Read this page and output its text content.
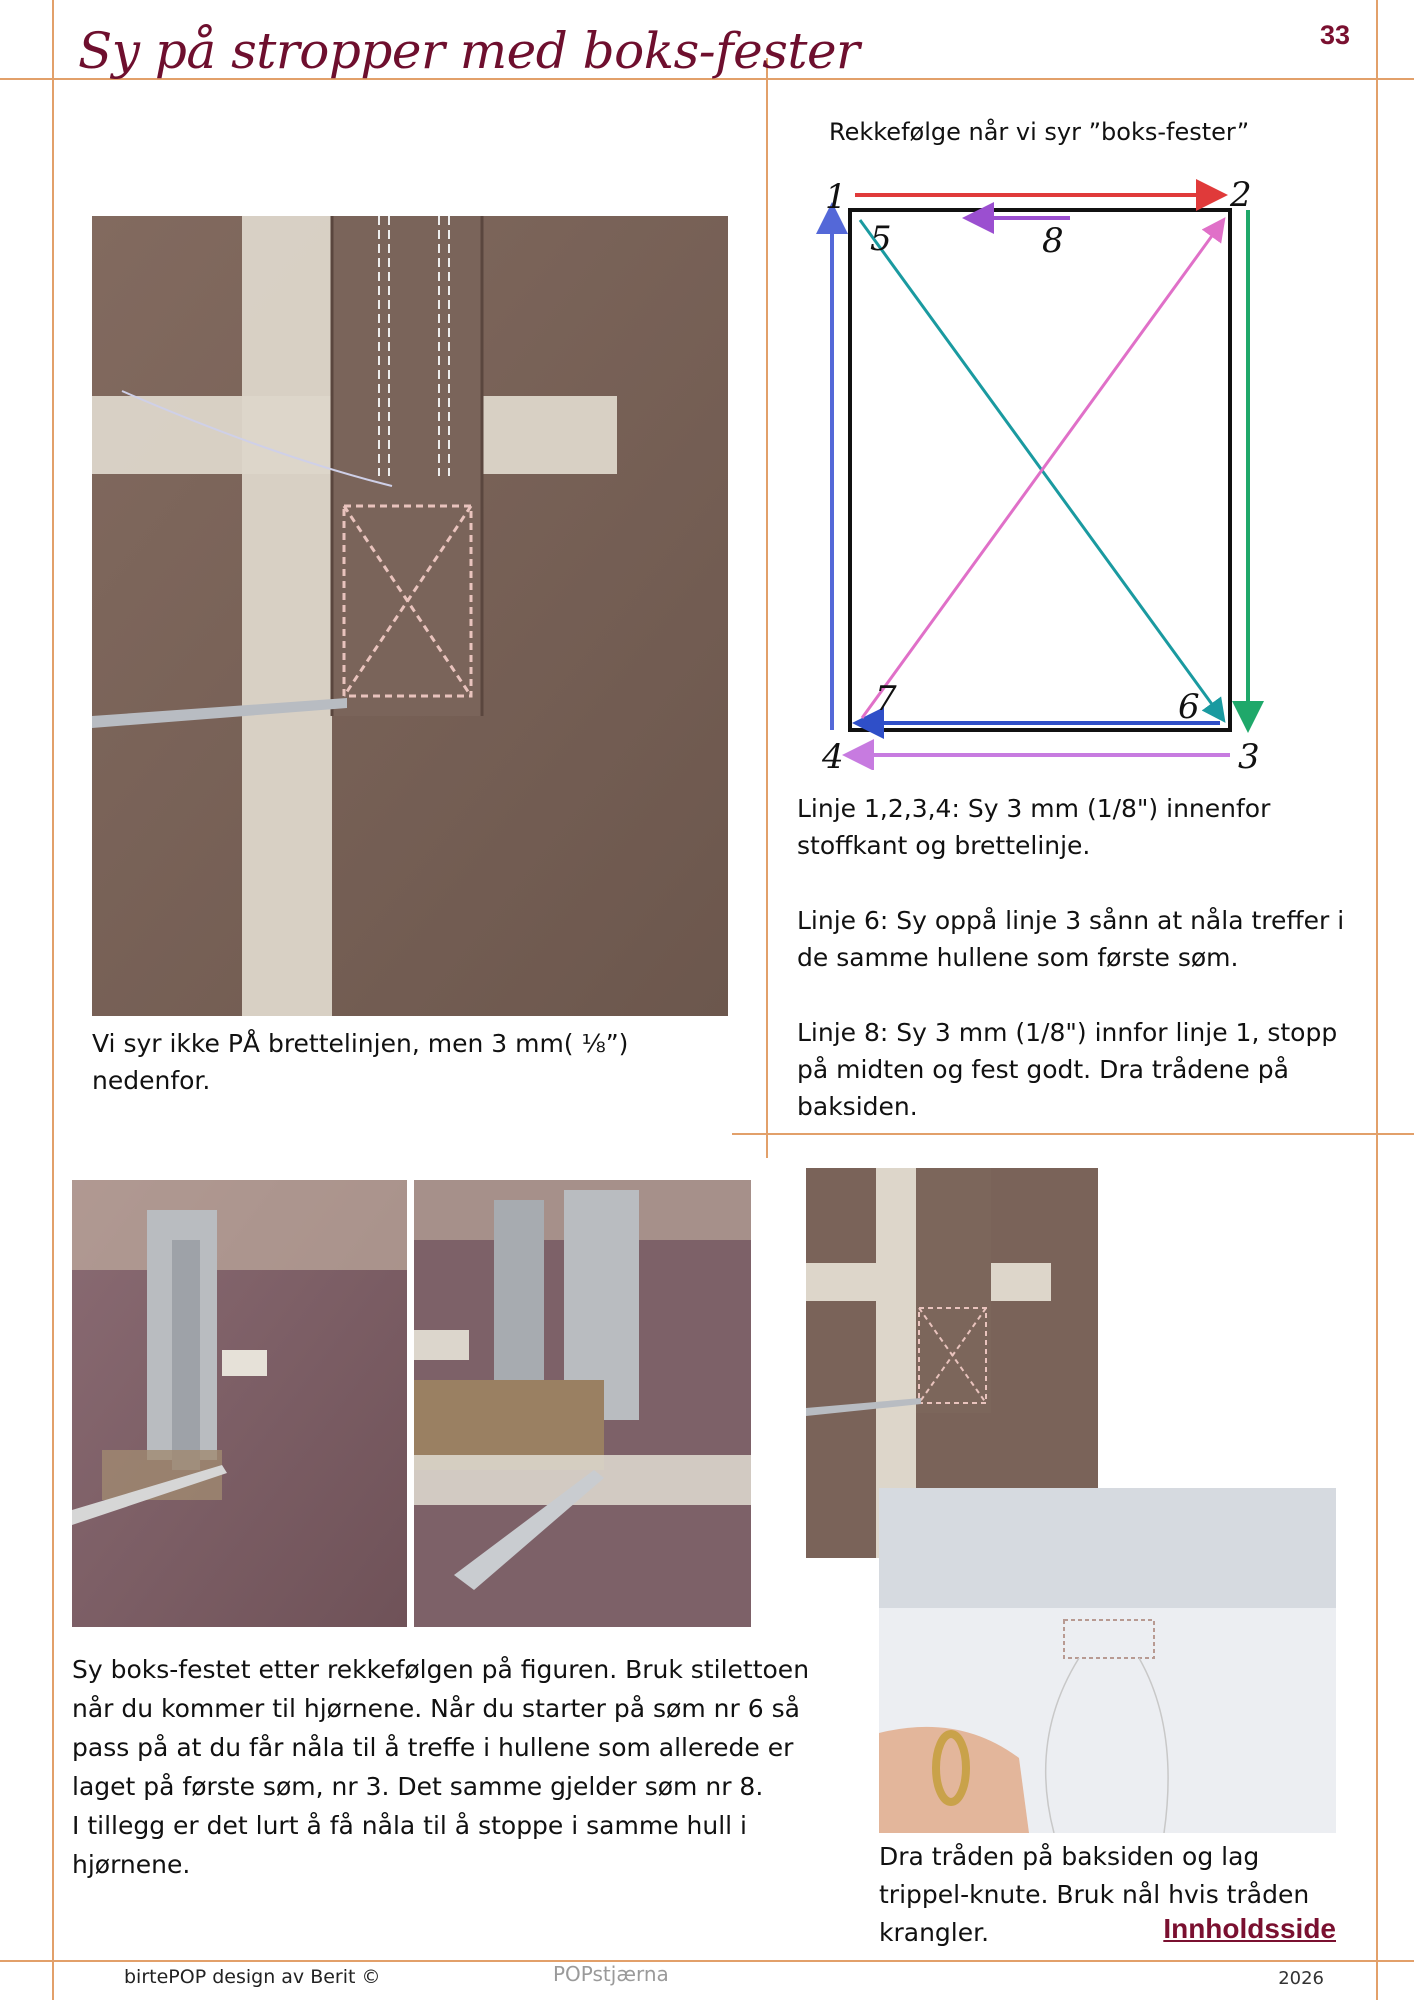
Sy på stropper med boks-fester	33
Vi syr ikke PÅ brettelinjen, men 3 mm( ⅛”) nedenfor.
Rekkefølge når vi syr ”boks-fester”
1	2
3
4
5
6
7
8

Linje 1,2,3,4: Sy 3 mm (1/8") innenfor stoffkant og brettelinje.

Linje 6: Sy oppå linje 3 sånn at nåla treffer i de samme hullene som første søm.

Linje 8: Sy 3 mm (1/8") innfor linje 1, stopp på midten og fest godt. Dra trådene på baksiden.

Sy boks-festet etter rekkefølgen på figuren. Bruk stilettoen når du kommer til hjørnene. Når du starter på søm nr 6 så pass på at du får nåla til å treffe i hullene som allerede er laget på første søm, nr 3. Det samme gjelder søm nr 8.

I tillegg er det lurt å få nåla til å stoppe i samme hull i hjørnene.	Dra tråden på baksiden og lag trippel-knute. Bruk nål hvis tråden krangler.	Innholdsside
birtePOP design av Berit ©	POPstjærna	2026
